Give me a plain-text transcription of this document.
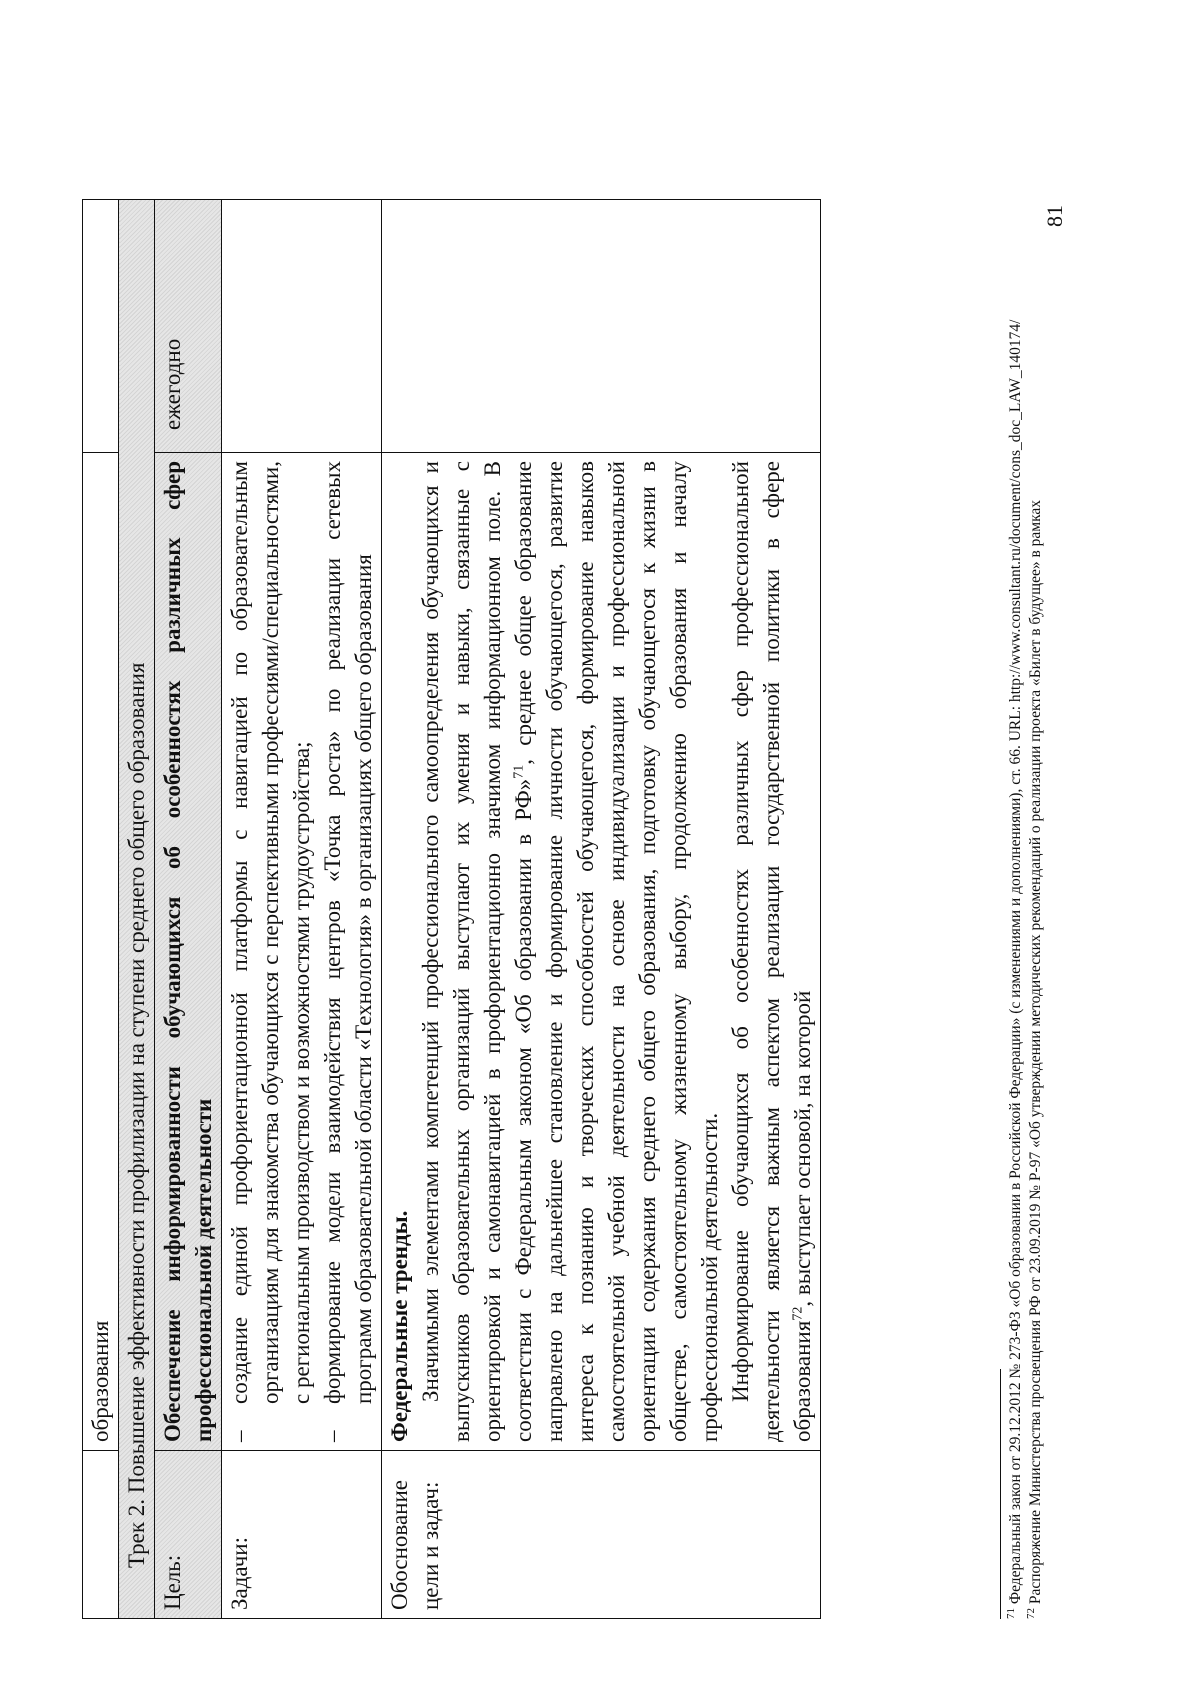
	образования	

Трек 2. Повышение эффективности профилизации на ступени среднего общего образования		

Цель:	Обеспечение информированности обучающихся об особенностях различных сфер профессиональной деятельности	ежегодно

Задачи:	–
создание единой профориентационной платформы с навигацией по образовательным организациям для знакомства обучающихся с перспективными профессиями/специальностями, с региональным производством и возможностями трудоустройства;
–
формирование модели взаимодействия центров «Точка роста» по реализации сетевых программ образовательной области «Технология» в организациях общего образования	

Обоснование цели и задач:	Федеральные тренды. Значимыми элементами компетенций профессионального самоопределения обучающихся и выпускников образовательных организаций выступают их умения и навыки, связанные с ориентировкой и самонавигацией в профориентационно значимом информационном поле. В соответствии с Федеральным законом «Об образовании в РФ»$^{71}$, среднее общее образование направлено на дальнейшее становление и формирование личности обучающегося, развитие интереса к познанию и творческих способностей обучающегося, формирование навыков самостоятельной учебной деятельности на основе индивидуализации и профессиональной ориентации содержания среднего общего образования, подготовку обучающегося к жизни в обществе, самостоятельному жизненному выбору, продолжению образования и началу профессиональной деятельности. Информирование обучающихся об особенностях различных сфер профессиональной деятельности является важным аспектом реализации государственной политики в сфере образования$^{72}$, выступает основой, на которой	

$^{71}$ Федеральный закон от 29.12.2012 № 273-ФЗ «Об образовании в Российской Федерации» (с изменениями и дополнениями), ст. 66. URL: http://www.consultant.ru/document/cons_doc_LAW_140174/
$^{72}$ Распоряжение Министерства просвещения РФ от 23.09.2019 № Р-97 «Об утверждении методических рекомендаций о реализации проекта «Билет в будущее» в рамках
81
